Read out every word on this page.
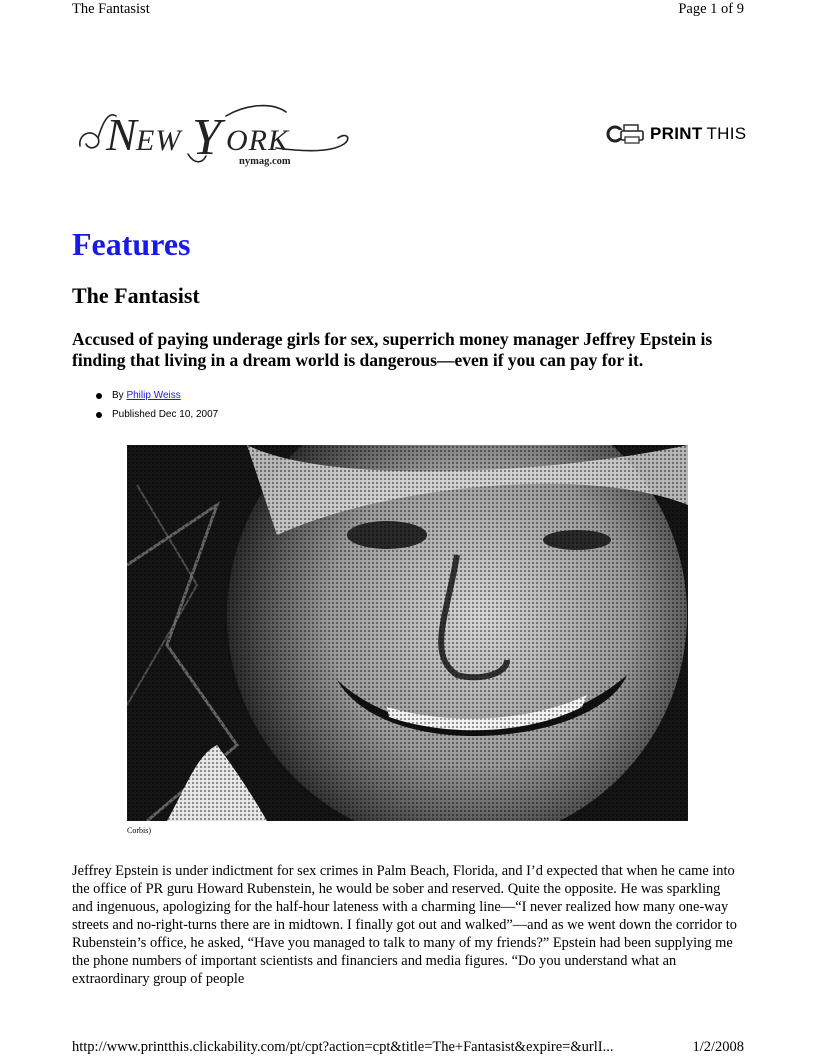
The Fantasist	Page 1 of 9
N EW Y ORK
nymag.com
PRINT THIS
Features
The Fantasist
Accused of paying underage girls for sex, superrich money manager Jeffrey Epstein is finding that living in a dream world is dangerous—even if you can pay for it.
By Philip Weiss
Published Dec 10, 2007
Corbis)

Jeffrey Epstein is under indictment for sex crimes in Palm Beach, Florida, and I’d expected that when he came into the office of PR guru Howard Rubenstein, he would be sober and reserved. Quite the opposite. He was sparkling and ingenuous, apologizing for the half-hour lateness with a charming line—“I never realized how many one-way streets and no-right-turns there are in midtown. I finally got out and walked”—and as we went down the corridor to Rubenstein’s office, he asked, “Have you managed to talk to many of my friends?” Epstein had been supplying me the phone numbers of important scientists and financiers and media figures. “Do you understand what an extraordinary group of people

http://www.printthis.clickability.com/pt/cpt?action=cpt&title=The+Fantasist&expire=&urlI...	1/2/2008
